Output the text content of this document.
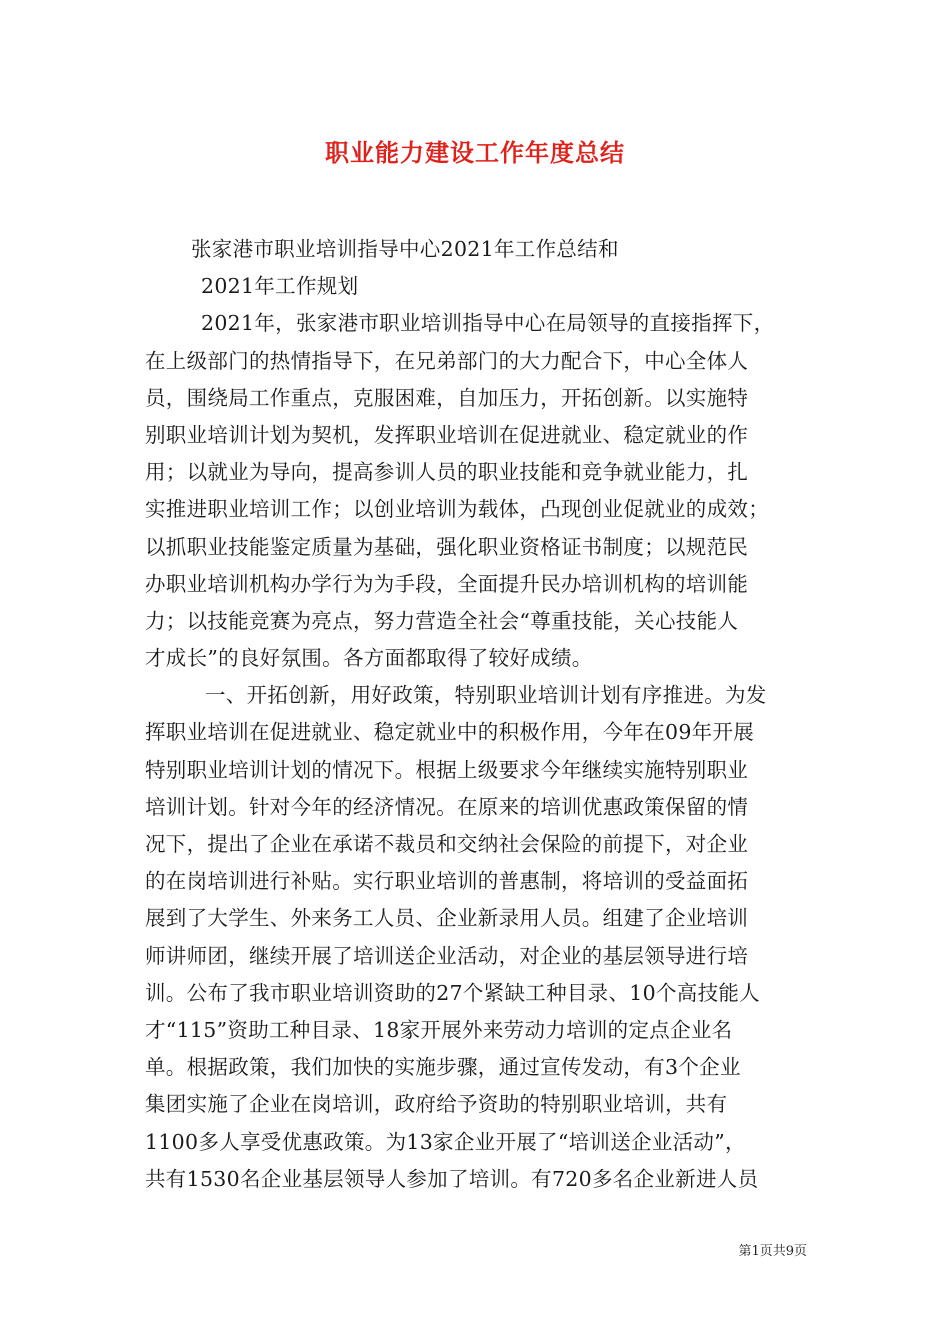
职业能力建设工作年度总结
张家港市职业培训指导中心2021年工作总结和
2021年工作规划
2021年，张家港市职业培训指导中心在局领导的直接指挥下，
在上级部门的热情指导下，在兄弟部门的大力配合下，中心全体人
员，围绕局工作重点，克服困难，自加压力，开拓创新。以实施特
别职业培训计划为契机，发挥职业培训在促进就业、稳定就业的作
用；以就业为导向，提高参训人员的职业技能和竞争就业能力，扎
实推进职业培训工作；以创业培训为载体，凸现创业促就业的成效；
以抓职业技能鉴定质量为基础，强化职业资格证书制度；以规范民
办职业培训机构办学行为为手段，全面提升民办培训机构的培训能
力；以技能竞赛为亮点，努力营造全社会“尊重技能，关心技能人
才成长”的良好氛围。各方面都取得了较好成绩。
一、开拓创新，用好政策，特别职业培训计划有序推进。为发
挥职业培训在促进就业、稳定就业中的积极作用，今年在09年开展
特别职业培训计划的情况下。根据上级要求今年继续实施特别职业
培训计划。针对今年的经济情况。在原来的培训优惠政策保留的情
况下，提出了企业在承诺不裁员和交纳社会保险的前提下，对企业
的在岗培训进行补贴。实行职业培训的普惠制，将培训的受益面拓
展到了大学生、外来务工人员、企业新录用人员。组建了企业培训
师讲师团，继续开展了培训送企业活动，对企业的基层领导进行培
训。公布了我市职业培训资助的27个紧缺工种目录、10个高技能人
才“115”资助工种目录、18家开展外来劳动力培训的定点企业名
单。根据政策，我们加快的实施步骤，通过宣传发动，有3个企业
集团实施了企业在岗培训，政府给予资助的特别职业培训，共有
1100多人享受优惠政策。为13家企业开展了“培训送企业活动”，
共有1530名企业基层领导人参加了培训。有720多名企业新进人员
第1页共9页
